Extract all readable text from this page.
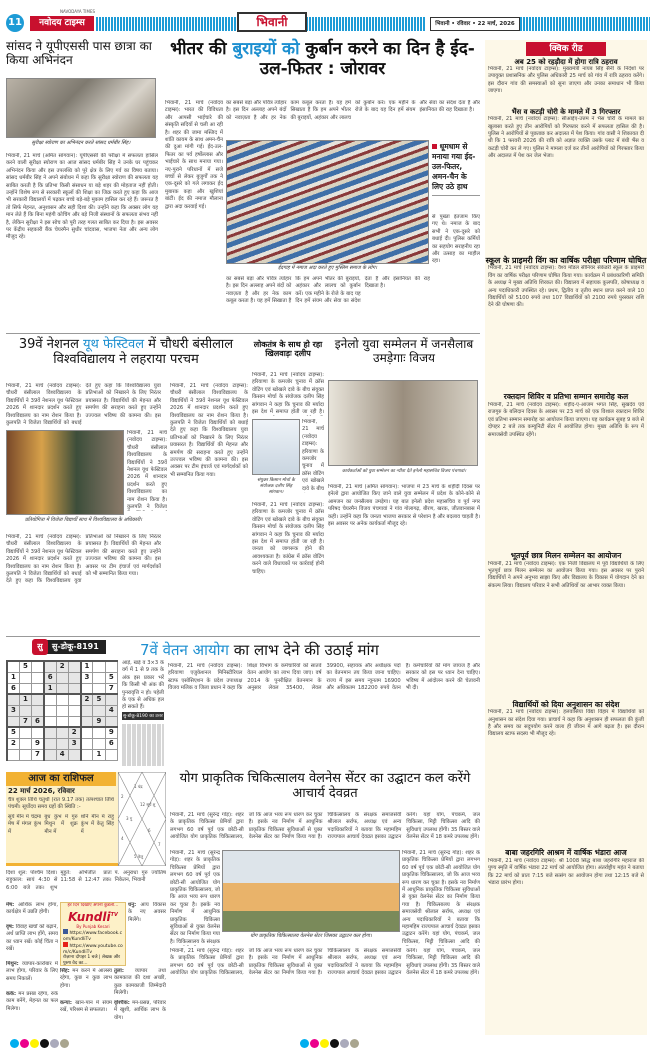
11
NAVODAYA TIMES
नवोदय टाइम्स	भिवानी	भिवानी • रविवार • 22 मार्च, 2026
सांसद ने यूपीएससी पास छात्रा का किया अभिनंदन
सुरीक्षा स्योराण का अभिनंदन करते सांसद धर्मबीर सिंह।
भिवानी, 21 मार्च (अमित सांगवान): यूपीएससी की परीक्षा में सफलता हासिल करने वाली सुरीक्षा स्योराण का आज सांसद धर्मबीर सिंह ने उनके घर पहुंचकर अभिनंदन किया और इस उपलब्धि को पूरे क्षेत्र के लिए गर्व का विषय बताया। सांसद धर्मबीर सिंह ने अपने संबोधन में कहा कि सुरीक्षा स्योराण की सफलता यह साबित करती है कि प्रतिभा किसी संसाधन या बड़े शहर की मोहताज नहीं होती। उन्होंने विशेष रूप से सरकारी स्कूलों की शिक्षा का जिक्र करते हुए कहा कि आज भी सरकारी विद्यालयों में पढ़कर बच्चे बड़े-बड़े मुकाम हासिल कर रहे हैं। जरूरत है तो सिर्फ मेहनत, अनुशासन और सही दिशा की। उन्होंने कहा कि अक्सर लोग यह मान लेते हैं कि बिना महंगी कोचिंग और बड़े निजी संस्थानों के सफलता संभव नहीं है, लेकिन सुरीक्षा ने इस सोच को पूरी तरह गलत साबित कर दिया है। इस अवसर पर केंद्रीय सहकारी बैंक चेयरमैन सुधीर चांदवास, भाजपा नेता और अन्य लोग मौजूद रहे।
भीतर की बुराइयों को कुर्बान करने का दिन है ईद-उल-फितर : जोरावर
भिवानी, 21 मार्च (नवोदय टाइम्स): भारत की विविधता और आपसी भाईचारे की संस्कृति सदियों से चली आ रही है। शहर की जामा मस्जिद में शांति कायम के साथ अमन-चैन की दुआ मांगी गई। ईद-उल-फितर का पर्व हर्षोल्लास और भाईचारे के साथ मनाया गया। नए-पुराने परिधानों में सजे बच्चों से लेकर बुजुर्गों तक ने एक-दूसरे को गले लगाकर ईद मुबारक कहा और खुशियां बांटीं। ईद की नमाज मौलाना द्वारा अदा करवाई गई।
का सबसे बड़ा और पवित्र त्योहार है। इस दिन अल्लाह अपने बंदों को नवाज़ता है और हर नेक काम कबूल करता है। यह हमें सिखाता है कि हम अपने भीतर की बुराइयों, अहंकार और लालच को कुर्बान करें। एक महीने के रोजे के बाद यह दिन हमें संयम और सेवा का संदेश देता है और इंसानियत की राह दिखाता है।
ईदगाह में नमाज अदा करते हुए मुस्लिम समाज के लोग।
धूमधाम से मनाया गया ईद-उल-फितर, अमन-चैन के लिए उठे हाथ
से पुख्ता इंतजाम किए गए थे। नमाज के बाद सभी ने एक-दूसरे को बधाई दी। पुलिस कर्मियों का सहयोग सराहनीय रहा और उत्साह का माहौल रहा।
का सबसे बड़ा और पवित्र त्योहार है। इस दिन अल्लाह अपने बंदों को नवाज़ता है और हर नेक काम कबूल करता है। यह हमें सिखाता है कि हम अपने भीतर की बुराइयों, अहंकार और लालच को कुर्बान करें। एक महीने के रोजे के बाद यह दिन हमें संयम और सेवा का संदेश देता है और इंसानियत की राह दिखाता है।
क्विक रीड
अब 25 को रहड़ौदा में होगा रात्रि ठहराव
भिवानी, 21 मार्च (नवोदय टाइम्स): मुख्यमंत्री नायब सिंह सैनी के निर्देशों पर उपायुक्त प्रशासनिक और पुलिस अधिकारी 25 मार्च को गांव में रात्रि ठहराव करेंगे। इस दौरान गांव की समस्याओं को सुना जाएगा और उनका समाधान भी किया जाएगा।
भैंस व कटड़ी चोरी के मामले में 3 गिरफ्तार
भिवानी, 21 मार्च (नवोदय टाइम्स): सीआईए-उत्तम ने भैंस चोरी के मामले का खुलासा करते हुए तीन आरोपियों को गिरफ्तार करने में सफलता हासिल की है। पुलिस ने आरोपियों से पूछताछ कर अदालत में पेश किया। गांव वासी ने शिकायत दी थी कि 1 फरवरी 2026 की रात्रि को अज्ञात व्यक्ति उसके प्लाट में बंधी भैंस व कटड़ी चोरी कर ले गए। पुलिस ने मामला दर्ज कर तीनों आरोपियों को गिरफ्तार किया और अदालत में पेश कर जेल भेजा।
स्कूल के प्राइमरी विंग का वार्षिक परीक्षा परिणाम घोषित
भिवानी, 21 मार्च (नवोदय टाइम्स): वैश्य मॉडल सीनियर सेकेंडरी स्कूल के प्राइमरी विंग का वार्षिक परीक्षा परिणाम घोषित किया गया। कार्यक्रम में प्रबंधकारिणी समिति के अध्यक्ष ने मुख्य अतिथि शिरकत की। विद्यालय में सहायक कुलपति, कोषाध्यक्ष व अन्य पदाधिकारी उपस्थित रहे। प्रथम, द्वितीय व तृतीय स्थान प्राप्त करने वाले 10 विद्यार्थियों को 5100 रुपये तथा 107 विद्यार्थियों को 2100 रुपये पुरस्कार राशि देने की घोषणा की।
रक्तदान शिविर व प्रतिभा सम्मान समारोह कल
भिवानी, 21 मार्च (नवोदय टाइम्स): शहीद-ए-आजम भगत सिंह, सुखदेव एवं राजगुरु के बलिदान दिवस के अवसर पर 23 मार्च को एक विशाल रक्तदान शिविर एवं प्रतिभा सम्मान समारोह का आयोजन किया जाएगा। यह कार्यक्रम सुबह 9 बजे से दोपहर 2 बजे तक कम्युनिटी सेंटर में आयोजित होगा। मुख्य अतिथि के रूप में समाजसेवी उपस्थित रहेंगे।
भूतपूर्व छात्र मिलन सम्मेलन का आयोजन
भिवानी, 21 मार्च (नवोदय टाइम्स): एक निजी विद्यालय में पूर्व विद्यार्थियों के लिए भूतपूर्व छात्र मिलन सम्मेलन का आयोजन किया गया। इस अवसर पर पुराने विद्यार्थियों ने अपने अनुभव साझा किए और विद्यालय के विकास में योगदान देने का संकल्प लिया। विद्यालय परिवार ने सभी अतिथियों का आभार व्यक्त किया।
विद्यार्थियों को दिया अनुशासन का संदेश
भिवानी, 21 मार्च (नवोदय टाइम्स): हलवासिया विद्या विहार में विद्यार्थियों को अनुशासन का संदेश दिया गया। प्राचार्य ने कहा कि अनुशासन ही सफलता की कुंजी है और समय का सदुपयोग करने वाला ही जीवन में आगे बढ़ता है। इस दौरान विद्यालय स्टाफ सदस्य भी मौजूद रहे।
बाबा जहरगिरि आश्रम में वार्षिक भंडारा आज
भिवानी, 21 मार्च (नवोदय टाइम्स): श्री 1008 सिद्ध बाबा जहरगिरि महाराज की पुण्य स्मृति में वार्षिक भंडारा 22 मार्च को आयोजित होगा। अंतर्राष्ट्रीय महंत ने बताया कि 22 मार्च को प्रातः 7:15 बजे सत्संग का आयोजन होगा तथा 12:15 बजे से भंडारा प्रारंभ होगा।
39वें नेशनल यूथ फेस्टिवल में चौधरी बंसीलाल विश्वविद्यालय ने लहराया परचम
भिवानी, 21 मार्च (नवोदय टाइम्स): चौधरी बंसीलाल विश्वविद्यालय के विद्यार्थियों ने 39वें नेशनल यूथ फेस्टिवल 2026 में शानदार प्रदर्शन करते हुए विश्वविद्यालय का नाम रोशन किया है। कुलपति ने विजेता विद्यार्थियों को बधाई देते हुए कहा कि विश्वविद्यालय युवा प्रतिभाओं को निखारने के लिए निरंतर प्रयासरत है। विद्यार्थियों की मेहनत और समर्पण की सराहना करते हुए उन्होंने उज्ज्वल भविष्य की कामना की। इस
प्रतियोगिता में विजेता विद्यार्थी साथ में विश्वविद्यालय के अधिकारी।
भिवानी, 21 मार्च (नवोदय टाइम्स): चौधरी बंसीलाल विश्वविद्यालय के विद्यार्थियों ने 39वें नेशनल यूथ फेस्टिवल 2026 में शानदार प्रदर्शन करते हुए विश्वविद्यालय का नाम रोशन किया है। कुलपति ने विजेता
भिवानी, 21 मार्च (नवोदय टाइम्स): चौधरी बंसीलाल विश्वविद्यालय के विद्यार्थियों ने 39वें नेशनल यूथ फेस्टिवल 2026 में शानदार प्रदर्शन करते हुए विश्वविद्यालय का नाम रोशन किया है। कुलपति ने विजेता विद्यार्थियों को बधाई देते हुए कहा कि विश्वविद्यालय युवा प्रतिभाओं को निखारने के लिए निरंतर प्रयासरत है। विद्यार्थियों की मेहनत और समर्पण की सराहना करते हुए उन्होंने उज्ज्वल भविष्य की कामना की। इस अवसर पर टीम इंचार्ज एवं मार्गदर्शकों को भी सम्मानित किया गया।
भिवानी, 21 मार्च (नवोदय टाइम्स): चौधरी बंसीलाल विश्वविद्यालय के विद्यार्थियों ने 39वें नेशनल यूथ फेस्टिवल 2026 में शानदार प्रदर्शन करते हुए विश्वविद्यालय का नाम रोशन किया है। कुलपति ने विजेता विद्यार्थियों को बधाई देते हुए कहा कि विश्वविद्यालय युवा प्रतिभाओं को निखारने के लिए निरंतर प्रयासरत है। विद्यार्थियों की मेहनत और समर्पण की सराहना करते हुए उन्होंने उज्ज्वल भविष्य की कामना की। इस अवसर पर टीम इंचार्ज एवं मार्गदर्शकों को भी सम्मानित किया गया।
लोकतंत्र के साथ हो रहा खिलवाड़ः दलीप
भिवानी, 21 मार्च (नवोदय टाइम्स): हरियाणा के कमजोर चुनाव में क्रॉस वोटिंग एवं खोखले दावे के बीच संयुक्त किसान मोर्चा के संयोजक दलीप सिंह सांगवान ने कहा कि चुनाव की मर्यादा इस देश में समाप्त होती जा रही है।
संयुक्त किसान मोर्चा के संयोजक दलीप सिंह सांगवान।
भिवानी, 21 मार्च (नवोदय टाइम्स): हरियाणा के कमजोर चुनाव में क्रॉस वोटिंग एवं खोखले दावे के बीच
भिवानी, 21 मार्च (नवोदय टाइम्स): हरियाणा के कमजोर चुनाव में क्रॉस वोटिंग एवं खोखले दावे के बीच संयुक्त किसान मोर्चा के संयोजक दलीप सिंह सांगवान ने कहा कि चुनाव की मर्यादा इस देश में समाप्त होती जा रही है। जनता को जागरूक होने की आवश्यकता है। कांग्रेस में क्रॉस वोटिंग करने वाले विधायकों पर कार्रवाई होनी चाहिए।
इनेलो युवा सम्मेलन में जनसैलाब उमड़ेगाः विजय
कार्यकर्ताओं को युवा सम्मेलन का न्यौता देते इनेलो महासचिव विजय पंचगावां।
भिवानी, 21 मार्च (अमित सांगवान): भाजपा में 23 मार्च के शहीदी दिवस पर इनेलो द्वारा आयोजित किए जाने वाले युवा सम्मेलन में प्रदेश के कोने-कोने से आमजन का जनसैलाब उमड़ेगा। यह बात इनेलो प्रदेश महासचिव व पूर्व नगर परिषद चेयरमैन विजय पंचगावां ने गांव गोलागढ़, बीरण, खरक, जीतवानबास में कही। उन्होंने कहा कि जनता भाजपा सरकार से परेशान है और बदलाव चाहती है। इस अवसर पर अनेक कार्यकर्ता मौजूद रहे।
सु	सु-डोकू-8191
	5			2		1		
1			6			3		5
6			1					7
	1					2	5	
3								4
	7	6					9	
5					2			9
2		9			3			6
		7		4			1	
आड़े, खड़े व 3×3 के वर्ग में 1 से 9 तक के अंक इस प्रकार भरें कि किसी भी अंक की पुनरावृत्ति न हो। पहेली के एक से अधिक हल हो सकते हैं।
सु-डोकू-8190 का उत्तर
7वें वेतन आयोग का लाभ देने की उठाई मांग
भिवानी, 21 मार्च (नवोदय टाइम्स): हरियाणा एजुकेशनल मिनिस्टीरियल स्टाफ एसोसिएशन के प्रदेश उपाध्यक्ष विजय मलिक व जिला प्रधान ने कहा कि शिक्षा विभाग के कर्मचारियों को सातवें वेतन आयोग का लाभ दिया जाए। वर्ष 2014 के पुनरीक्षित वेतनमान के अनुसार लेवल 35400, लेवल 39900, सहायक और अधीक्षक पदों का वेतनमान तय किया जाना चाहिए। राज्य में इस समय न्यूनतम 16900 और अधिकतम 182200 रुपये वेतन है। कर्मचारियों की मांग जायज है और सरकार को इस पर ध्यान देना चाहिए। भविष्य में आंदोलन करने की चेतावनी भी दी।
आज का राशिफल
22 मार्च 2026, रविवार
चैत्र शुक्ल तिथि चतुर्थी (रात 9.17 तक) तत्पश्चात तिथि पंचमी। सूर्योदय समय ग्रहों की स्थिति :-
सूर्य मीन में चंद्रमा मेष में मंगल कुंभ में
बुध कुंभ में गुरु मिथुन में शुक्र मीन में
शनि मीन में राहु कुंभ में केतु सिंह में
1 चंद्र
12 सूर्य शु
2
3 गु
4
6
5 केतु
7
दिशा शूल: पश्चिम दिशा। राहुकाल: सायं 4:30 से 6:00 बजे तक। शुभ मुहूर्त: अभिजीत प्रातः 11:58 से 12:47 तक। पं. अनुराधा गुरु ज्योतिष निकेतन, भिवानी
मेष: आर्थिक लाभ होगा, कार्यक्षेत्र में उन्नति होगी।
वृष: विवाह खर्चों को बढ़ाने, अर्थ प्राप्ति लाभ होंगे, समय का ध्यान रखें। कोई चिंता न रखें।
मिथुन: व्यापार-कारोबार में लाभ होगा, परिवार के लिए समय निकालें।
कर्क: मन प्रसन्न रहेगा, रुके काम बनेंगे, मेहनत का फल मिलेगा।
हर दिन दिखाएं अपनी कुंडली...
Kundli$^{TV}$
By Punjab Kesari
https://www.facebook.com/KundliTv
https://www.youtube.com/c/KundliTv
रोज़ाना दोपहर 1 बजे | लेखक और पुरुष वेद का...
धनु: आय विकास के नए अवसर मिलेंगे।
सिंह: मन करने में आलस्य रहेगा, कुछ न कुछ लाभ होगा।
तुला: व्यापार तथा कामकाज की दशा अच्छी, कुछ कामकाजी जिम्मेदारी मिलेगी।
कन्या: खान-पान में संयम रखें, परिश्रम से सफलता।
वृश्चिक: मन-प्रसन्न, परिवार में खुशी, आर्थिक लाभ के योग।
योग प्राकृतिक चिकित्सालय वेलनेस सेंटर का उद्घाटन कल करेंगे आचार्य देवव्रत
भिवानी, 21 मार्च (सुरेन्द्र गोड़): शहर के प्राकृतिक चिकित्सा प्रेमियों द्वारा लगभग 60 वर्ष पूर्व एक छोटी-सी आयोजित योग प्राकृतिक चिकित्सालय, जो कि आज भव्य रूप धारण कर चुका है। इसके नव निर्माण में आधुनिक प्राकृतिक चिकित्सा सुविधाओं से युक्त वेलनेस सेंटर का निर्माण किया गया है। चिकित्सालय के संरक्षक समाजसेवी श्रीलाल सर्राफ, अध्यक्ष एवं अन्य पदाधिकारियों ने बताया कि महामहिम राज्यपाल आचार्य देवव्रत इसका उद्घाटन करेंगे। यहां योग, पंचकर्म, जल चिकित्सा, मिट्टी चिकित्सा आदि की सुविधाएं उपलब्ध होंगी। 35 बिस्तर वाले वेलनेस सेंटर में 18 कमरे उपलब्ध होंगे।
भिवानी, 21 मार्च (सुरेन्द्र गोड़): शहर के प्राकृतिक चिकित्सा प्रेमियों द्वारा लगभग 60 वर्ष पूर्व एक छोटी-सी आयोजित योग प्राकृतिक चिकित्सालय, जो कि आज भव्य रूप धारण कर चुका है। इसके नव निर्माण में आधुनिक प्राकृतिक चिकित्सा सुविधाओं से युक्त वेलनेस सेंटर का निर्माण किया गया है। चिकित्सालय के संरक्षक
योग प्राकृतिक चिकित्सालय वेलनेस सेंटर जिसका उद्घाटन कल होगा।
भिवानी, 21 मार्च (सुरेन्द्र गोड़): शहर के प्राकृतिक चिकित्सा प्रेमियों द्वारा लगभग 60 वर्ष पूर्व एक छोटी-सी आयोजित योग प्राकृतिक चिकित्सालय, जो कि आज भव्य रूप धारण कर चुका है। इसके नव निर्माण में आधुनिक प्राकृतिक चिकित्सा सुविधाओं से युक्त वेलनेस सेंटर का निर्माण किया गया है। चिकित्सालय के संरक्षक समाजसेवी श्रीलाल सर्राफ, अध्यक्ष एवं अन्य पदाधिकारियों ने बताया कि महामहिम राज्यपाल आचार्य देवव्रत इसका उद्घाटन करेंगे। यहां योग, पंचकर्म, जल चिकित्सा, मिट्टी चिकित्सा आदि की
भिवानी, 21 मार्च (सुरेन्द्र गोड़): शहर के प्राकृतिक चिकित्सा प्रेमियों द्वारा लगभग 60 वर्ष पूर्व एक छोटी-सी आयोजित योग प्राकृतिक चिकित्सालय, जो कि आज भव्य रूप धारण कर चुका है। इसके नव निर्माण में आधुनिक प्राकृतिक चिकित्सा सुविधाओं से युक्त वेलनेस सेंटर का निर्माण किया गया है। चिकित्सालय के संरक्षक समाजसेवी श्रीलाल सर्राफ, अध्यक्ष एवं अन्य पदाधिकारियों ने बताया कि महामहिम राज्यपाल आचार्य देवव्रत इसका उद्घाटन करेंगे। यहां योग, पंचकर्म, जल चिकित्सा, मिट्टी चिकित्सा आदि की सुविधाएं उपलब्ध होंगी। 35 बिस्तर वाले वेलनेस सेंटर में 18 कमरे उपलब्ध होंगे।
